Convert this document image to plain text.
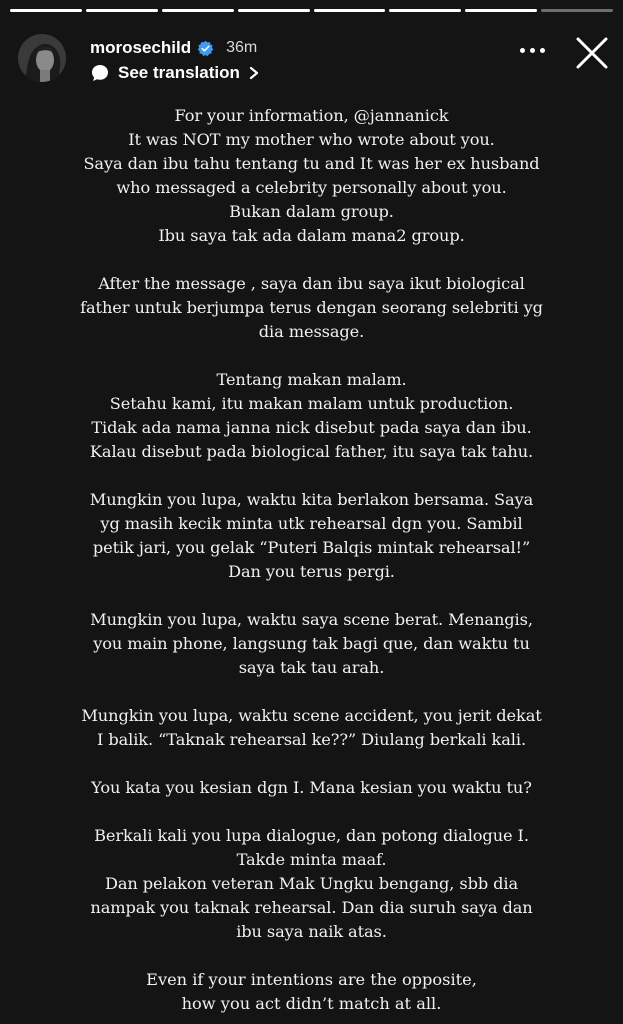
morosechild 36m
See translation

For your information, @jannanick
It was NOT my mother who wrote about you.
Saya dan ibu tahu tentang tu and It was her ex husband
who messaged a celebrity personally about you.
Bukan dalam group.
Ibu saya tak ada dalam mana2 group.

After the message , saya dan ibu saya ikut biological
father untuk berjumpa terus dengan seorang selebriti yg
dia message.

Tentang makan malam.
Setahu kami, itu makan malam untuk production.
Tidak ada nama janna nick disebut pada saya dan ibu.
Kalau disebut pada biological father, itu saya tak tahu.

Mungkin you lupa, waktu kita berlakon bersama. Saya
yg masih kecik minta utk rehearsal dgn you. Sambil
petik jari, you gelak “Puteri Balqis mintak rehearsal!”
Dan you terus pergi.

Mungkin you lupa, waktu saya scene berat. Menangis,
you main phone, langsung tak bagi que, dan waktu tu
saya tak tau arah.

Mungkin you lupa, waktu scene accident, you jerit dekat
I balik. “Taknak rehearsal ke??” Diulang berkali kali.

You kata you kesian dgn I. Mana kesian you waktu tu?

Berkali kali you lupa dialogue, dan potong dialogue I.
Takde minta maaf.
Dan pelakon veteran Mak Ungku bengang, sbb dia
nampak you taknak rehearsal. Dan dia suruh saya dan
ibu saya naik atas.

Even if your intentions are the opposite,
how you act didn’t match at all.
